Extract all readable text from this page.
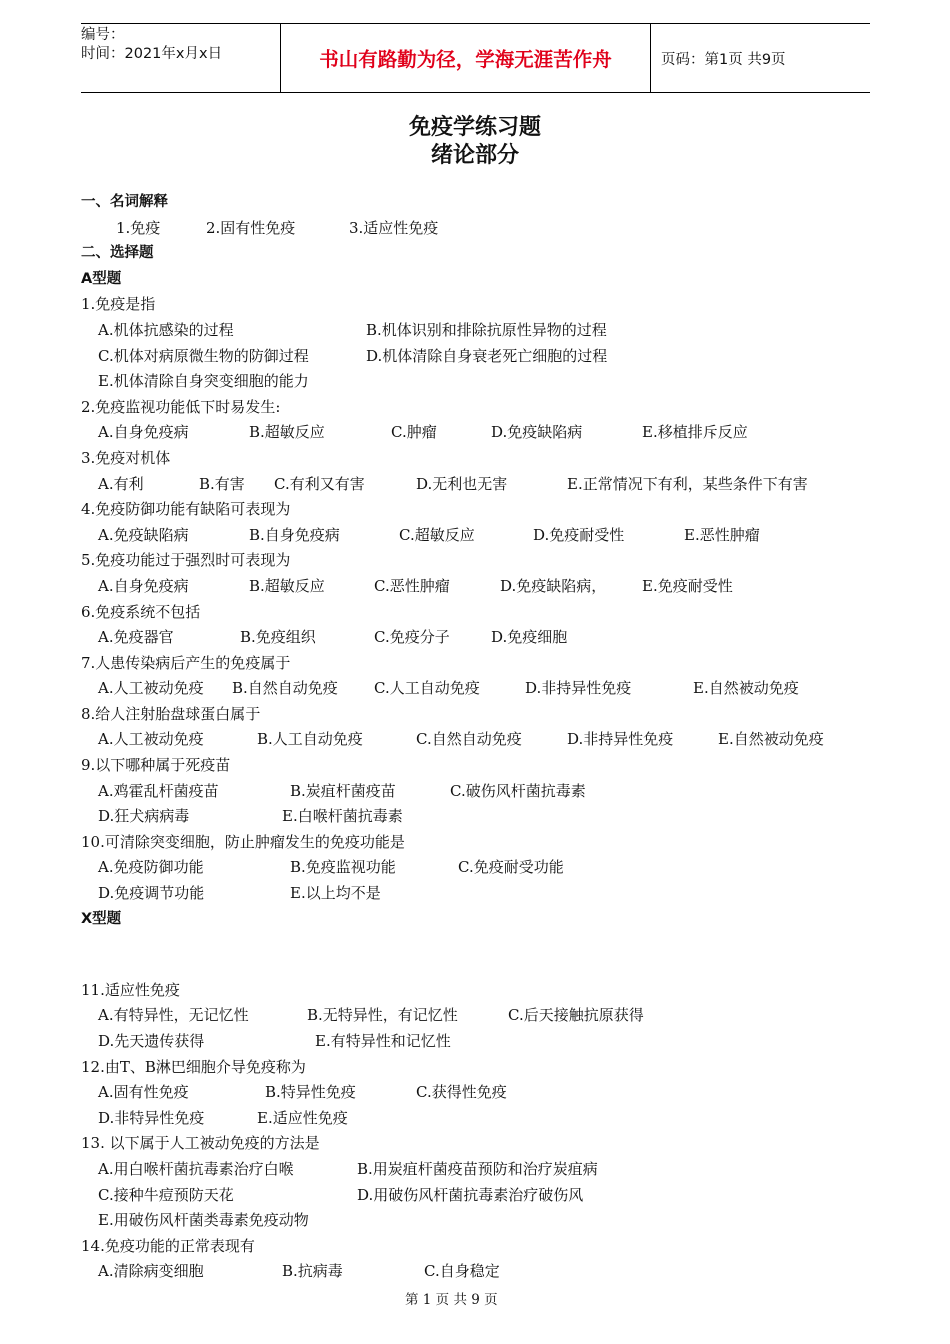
编号：
时间：2021年x月x日	书山有路勤为径，学海无涯苦作舟	页码：第1页 共9页
免疫学练习题
绪论部分
一、名词解释
1.免疫	2.固有性免疫	3.适应性免疫
二、选择题
A型题
1.免疫是指
A.机体抗感染的过程	B.机体识别和排除抗原性异物的过程
C.机体对病原微生物的防御过程	D.机体清除自身衰老死亡细胞的过程
E.机体清除自身突变细胞的能力
2.免疫监视功能低下时易发生:
A.自身免疫病	B.超敏反应	C.肿瘤	D.免疫缺陷病	E.移植排斥反应
3.免疫对机体
A.有利	B.有害 C.有利又有害	D.无利也无害	E.正常情况下有利，某些条件下有害
4.免疫防御功能有缺陷可表现为
A.免疫缺陷病	B.自身免疫病	C.超敏反应	D.免疫耐受性	E.恶性肿瘤
5.免疫功能过于强烈时可表现为
A.自身免疫病	B.超敏反应	C.恶性肿瘤	D.免疫缺陷病， E.免疫耐受性
6.免疫系统不包括
A.免疫器官	B.免疫组织	C.免疫分子	D.免疫细胞
7.人患传染病后产生的免疫属于
A.人工被动免疫 B.自然自动免疫 C.人工自动免疫	D.非持异性免疫	E.自然被动免疫
8.给人注射胎盘球蛋白属于
A.人工被动免疫	B.人工自动免疫	C.自然自动免疫	D.非持异性免疫	E.自然被动免疫
9.以下哪种属于死疫苗
A.鸡霍乱杆菌疫苗	B.炭疽杆菌疫苗	C.破伤风杆菌抗毒素
D.狂犬病病毒	E.白喉杆菌抗毒素
10.可清除突变细胞，防止肿瘤发生的免疫功能是
A.免疫防御功能	B.免疫监视功能	C.免疫耐受功能
D.免疫调节功能	E.以上均不是
X型题
11.适应性免疫
A.有特异性，无记忆性	B.无特异性，有记忆性	C.后天接触抗原获得
D.先天遗传获得	E.有特异性和记忆性
12.由T、B淋巴细胞介导免疫称为
A.固有性免疫	B.特异性免疫	C.获得性免疫
D.非特异性免疫	E.适应性免疫
13. 以下属于人工被动免疫的方法是
A.用白喉杆菌抗毒素治疗白喉	B.用炭疽杆菌疫苗预防和治疗炭疽病
C.接种牛痘预防天花	D.用破伤风杆菌抗毒素治疗破伤风
E.用破伤风杆菌类毒素免疫动物
14.免疫功能的正常表现有
A.清除病变细胞	B.抗病毒	C.自身稳定
第 1 页 共 9 页
